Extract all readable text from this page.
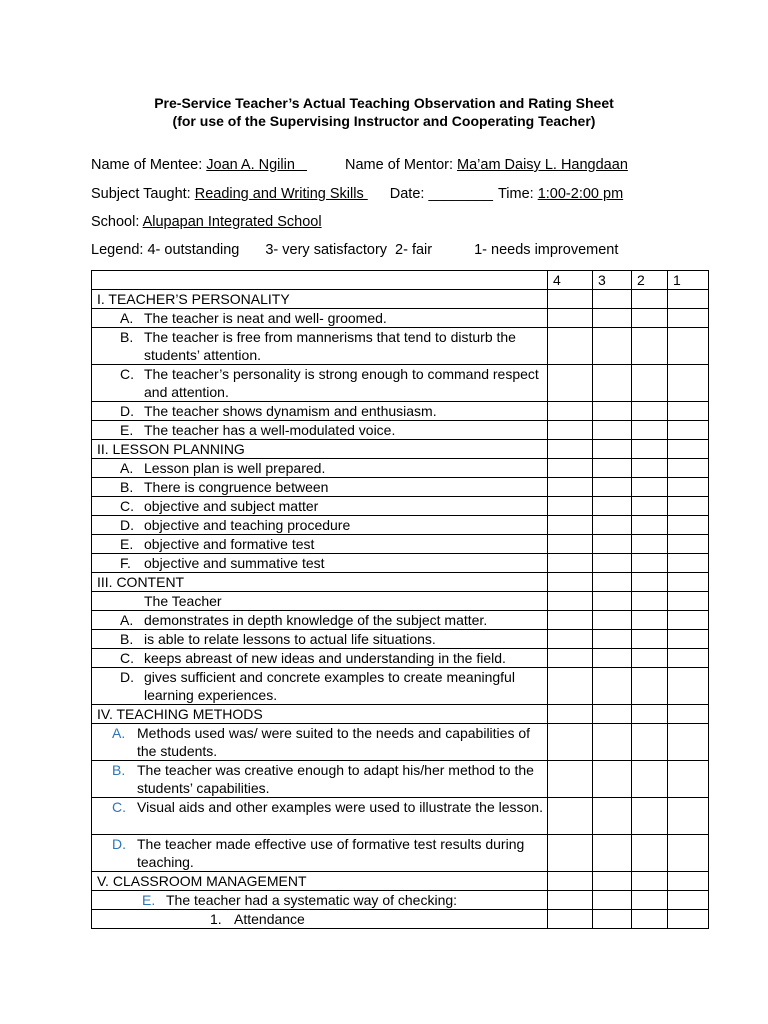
Pre-Service Teacher’s Actual Teaching Observation and Rating Sheet
(for use of the Supervising Instructor and Cooperating Teacher)
Name of Mentee: Joan A. Ngilin	Name of Mentor: Ma’am Daisy L. Hangdaan
Subject Taught: Reading and Writing Skills Date: ________ Time: 1:00-2:00 pm
School: Alupapan Integrated School
Legend: 4- outstanding 3- very satisfactory 2- fair	1- needs improvement
	4	3	2	1

I. TEACHER’S PERSONALITY				

A. The teacher is neat and well- groomed.				

B. The teacher is free from mannerisms that tend to disturb the students’ attention.				

C. The teacher’s personality is strong enough to command respect and attention.				

D. The teacher shows dynamism and enthusiasm.				

E. The teacher has a well-modulated voice.				

II. LESSON PLANNING				

A. Lesson plan is well prepared.				

B. There is congruence between				

C. objective and subject matter				

D. objective and teaching procedure				

E. objective and formative test				

F. objective and summative test				

III. CONTENT				

The Teacher				

A. demonstrates in depth knowledge of the subject matter.				

B. is able to relate lessons to actual life situations.				

C. keeps abreast of new ideas and understanding in the field.				

D. gives sufficient and concrete examples to create meaningful learning experiences.				

IV. TEACHING METHODS				

A. Methods used was/ were suited to the needs and capabilities of the students.				

B. The teacher was creative enough to adapt his/her method to the students’ capabilities.				

C. Visual aids and other examples were used to illustrate the lesson.				

D. The teacher made effective use of formative test results during teaching.				

V. CLASSROOM MANAGEMENT				

E. The teacher had a systematic way of checking:				

1. Attendance				
